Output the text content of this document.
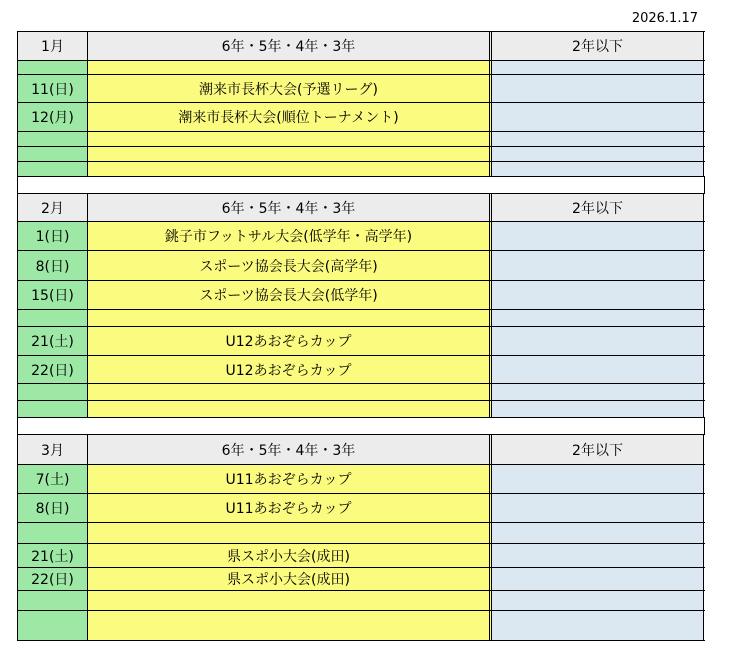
2026.1.17
1月	6年・5年・4年・3年	2年以下
11(日)	潮来市長杯大会(予選リーグ)
12(月)	潮来市長杯大会(順位トーナメント)
2月	6年・5年・4年・3年	2年以下
1(日)	銚子市フットサル大会(低学年・高学年)
8(日)	スポーツ協会長大会(高学年)
15(日)	スポーツ協会長大会(低学年)
21(土)	U12あおぞらカップ
22(日)	U12あおぞらカップ
3月	6年・5年・4年・3年	2年以下
7(土)	U11あおぞらカップ
8(日)	U11あおぞらカップ
21(土)	県スポ小大会(成田)
22(日)	県スポ小大会(成田)
